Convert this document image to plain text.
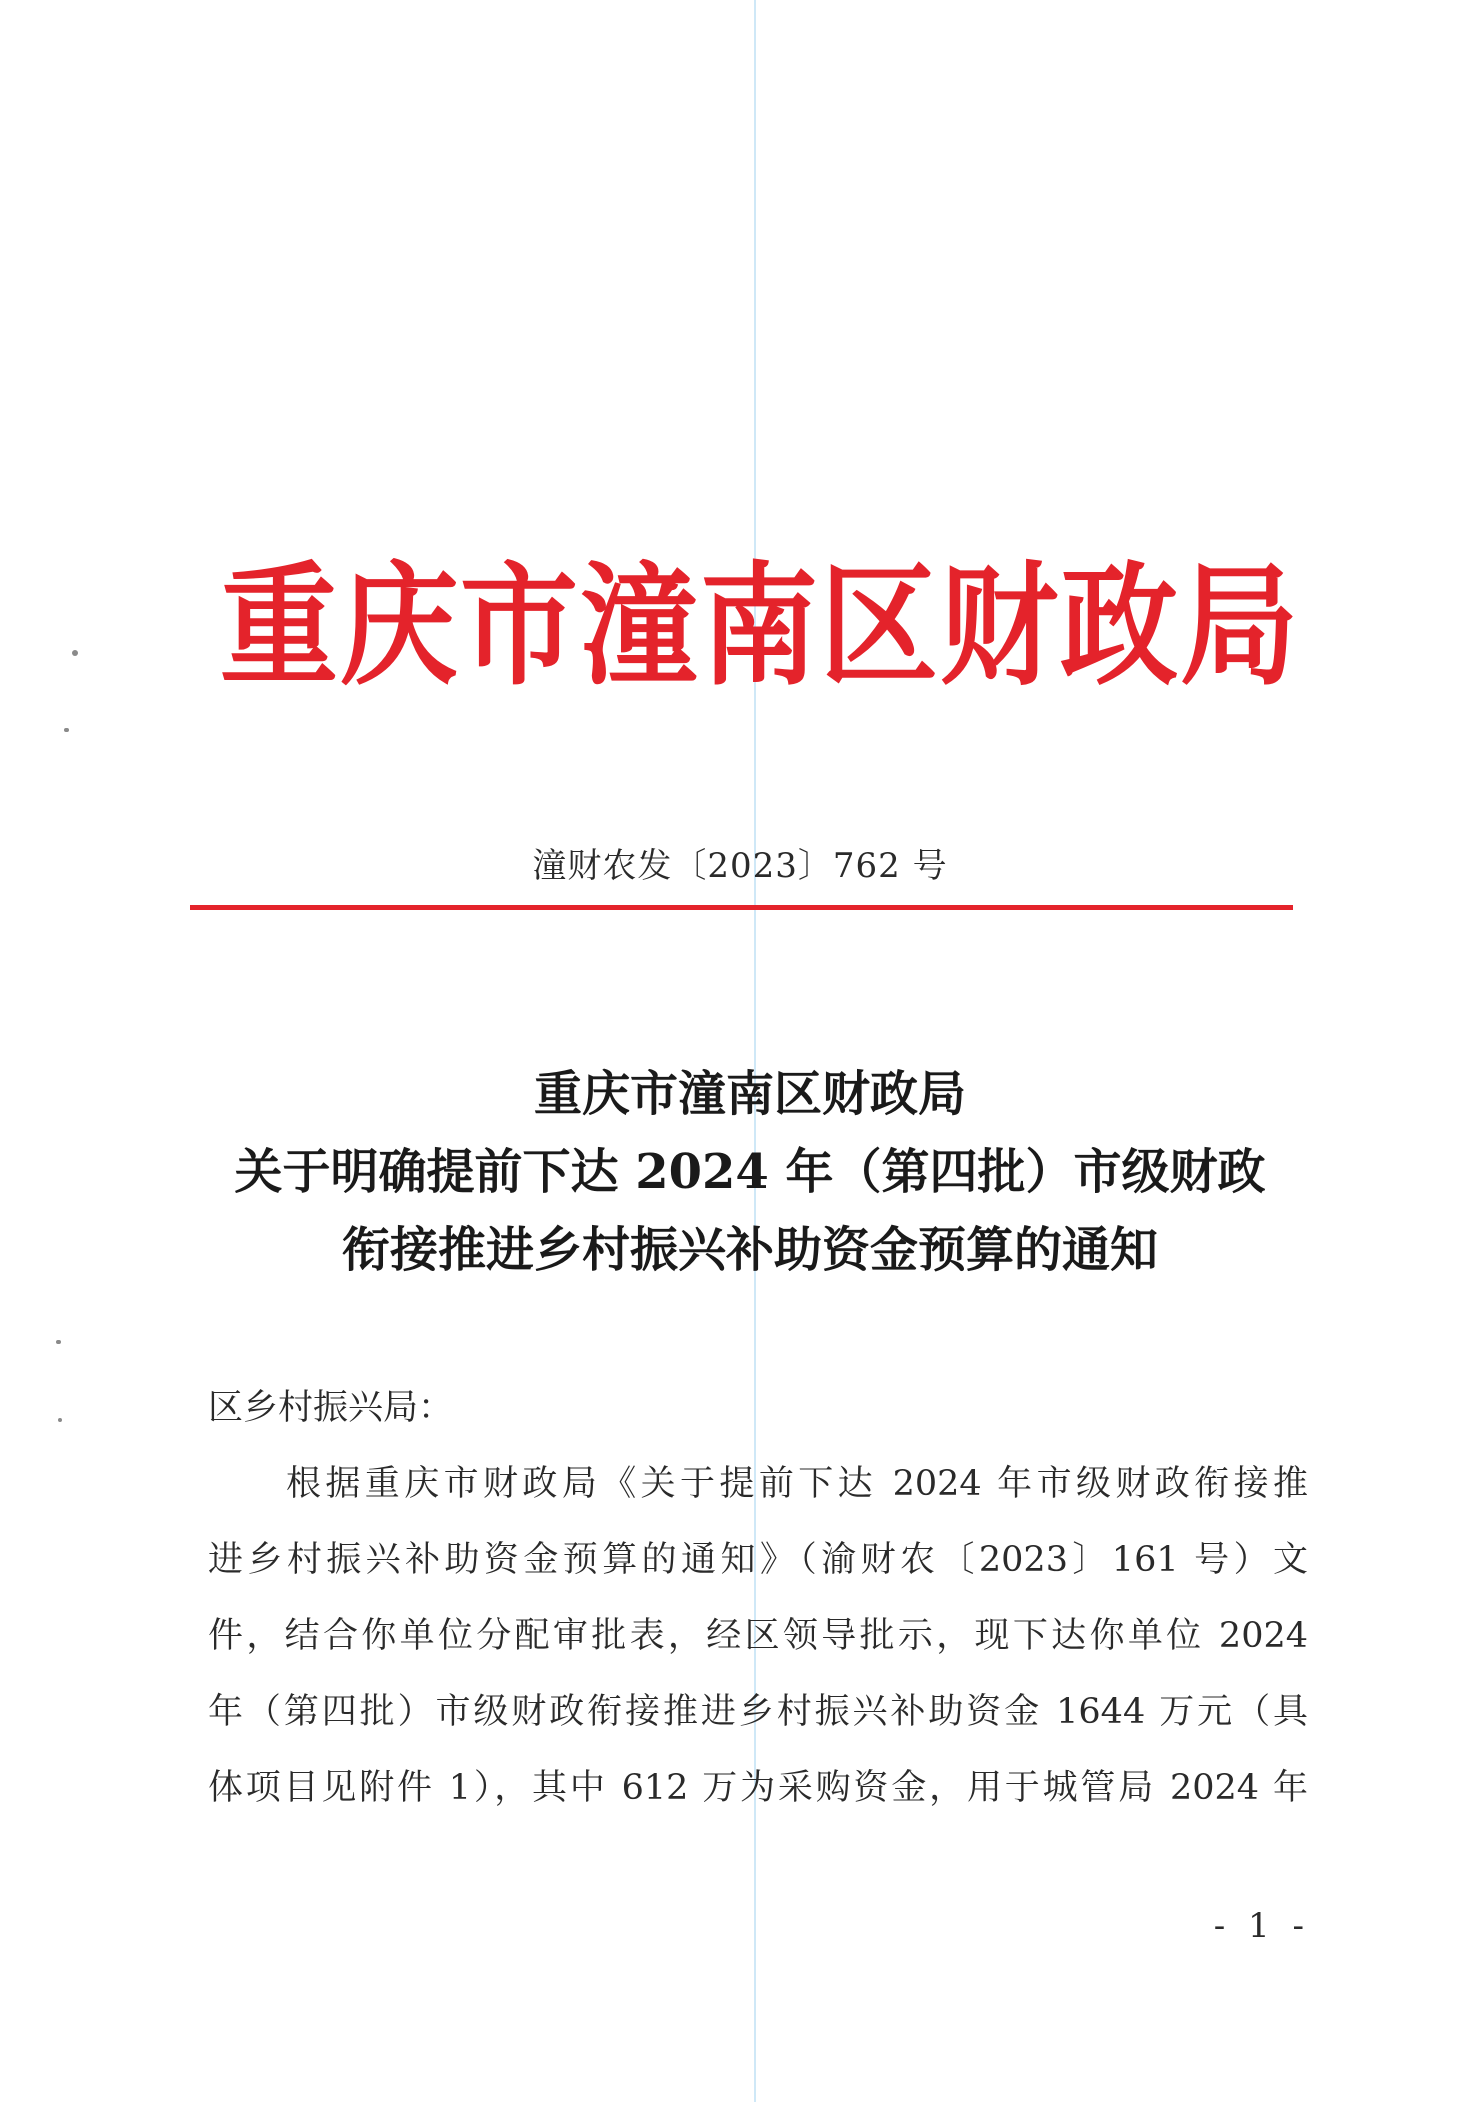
重庆市潼南区财政局
潼财农发〔2023〕762 号
重庆市潼南区财政局
关于明确提前下达 2024 年（第四批）市级财政
衔接推进乡村振兴补助资金预算的通知
区乡村振兴局：
根据重庆市财政局《关于提前下达 2024 年市级财政衔接推
进乡村振兴补助资金预算的通知》（渝财农〔2023〕161 号）文
件，结合你单位分配审批表，经区领导批示，现下达你单位 2024
年（第四批）市级财政衔接推进乡村振兴补助资金 1644 万元（具
体项目见附件 1），其中 612 万为采购资金，用于城管局 2024 年
- 1 -
